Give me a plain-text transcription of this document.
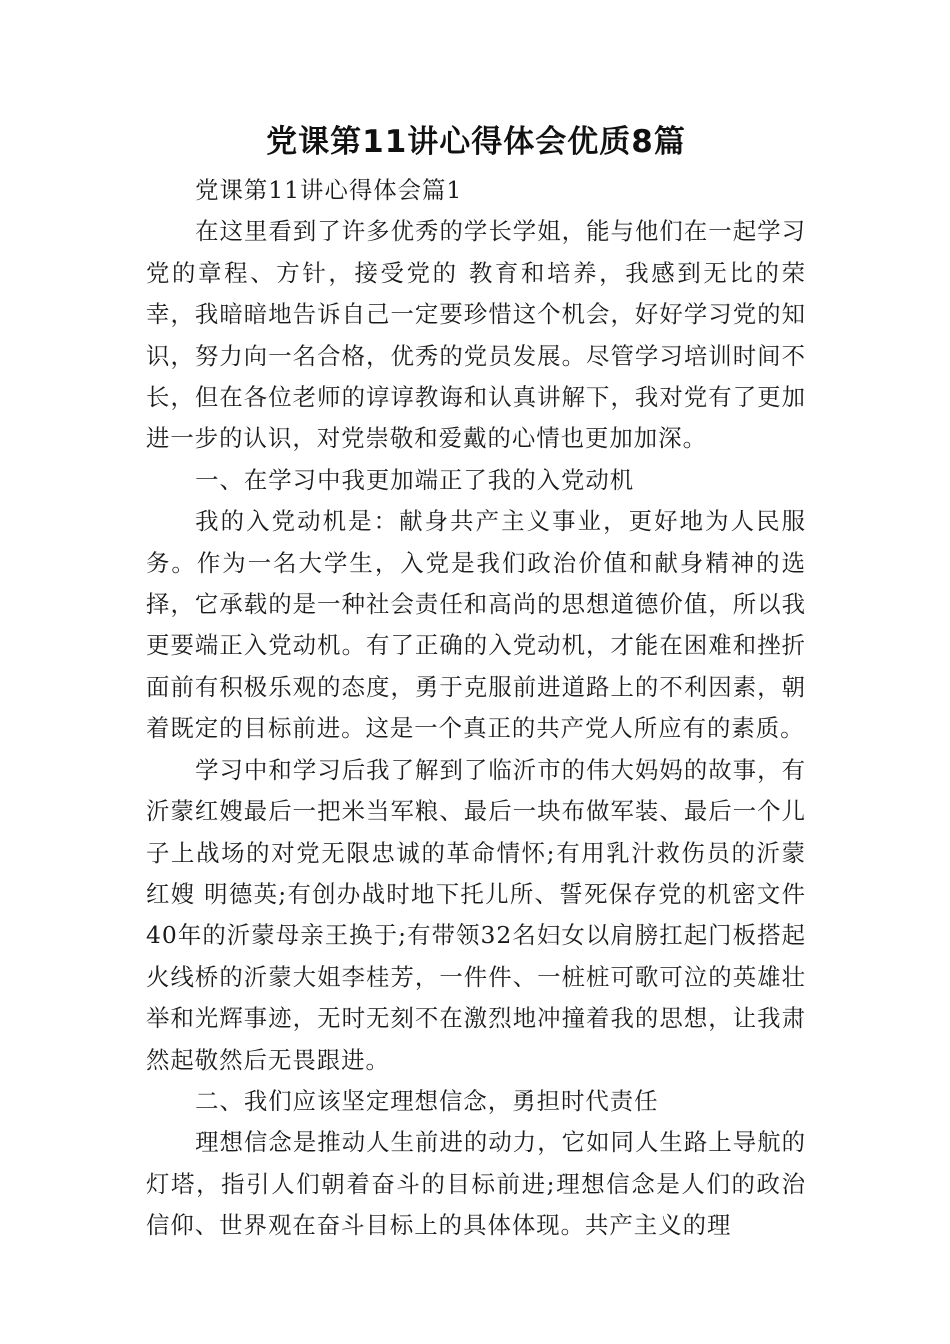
党课第11讲心得体会优质8篇

党课第11讲心得体会篇1

在这里看到了许多优秀的学长学姐，能与他们在一起学习党的章程、方针，接受党的 教育和培养，我感到无比的荣幸，我暗暗地告诉自己一定要珍惜这个机会，好好学习党的知识，努力向一名合格，优秀的党员发展。尽管学习培训时间不长，但在各位老师的谆谆教诲和认真讲解下，我对党有了更加进一步的认识，对党崇敬和爱戴的心情也更加加深。

一、在学习中我更加端正了我的入党动机

我的入党动机是：献身共产主义事业，更好地为人民服务。作为一名大学生，入党是我们政治价值和献身精神的选择，它承载的是一种社会责任和高尚的思想道德价值，所以我更要端正入党动机。有了正确的入党动机，才能在困难和挫折面前有积极乐观的态度，勇于克服前进道路上的不利因素，朝着既定的目标前进。这是一个真正的共产党人所应有的素质。

学习中和学习后我了解到了临沂市的伟大妈妈的故事，有沂蒙红嫂最后一把米当军粮、最后一块布做军装、最后一个儿子上战场的对党无限忠诚的革命情怀;有用乳汁救伤员的沂蒙红嫂 明德英;有创办战时地下托儿所、誓死保存党的机密文件40年的沂蒙母亲王换于;有带领32名妇女以肩膀扛起门板搭起火线桥的沂蒙大姐李桂芳，一件件、一桩桩可歌可泣的英雄壮举和光辉事迹，无时无刻不在激烈地冲撞着我的思想，让我肃然起敬然后无畏跟进。

二、我们应该坚定理想信念，勇担时代责任

理想信念是推动人生前进的动力，它如同人生路上导航的灯塔，指引人们朝着奋斗的目标前进;理想信念是人们的政治信仰、世界观在奋斗目标上的具体体现。共产主义的理
